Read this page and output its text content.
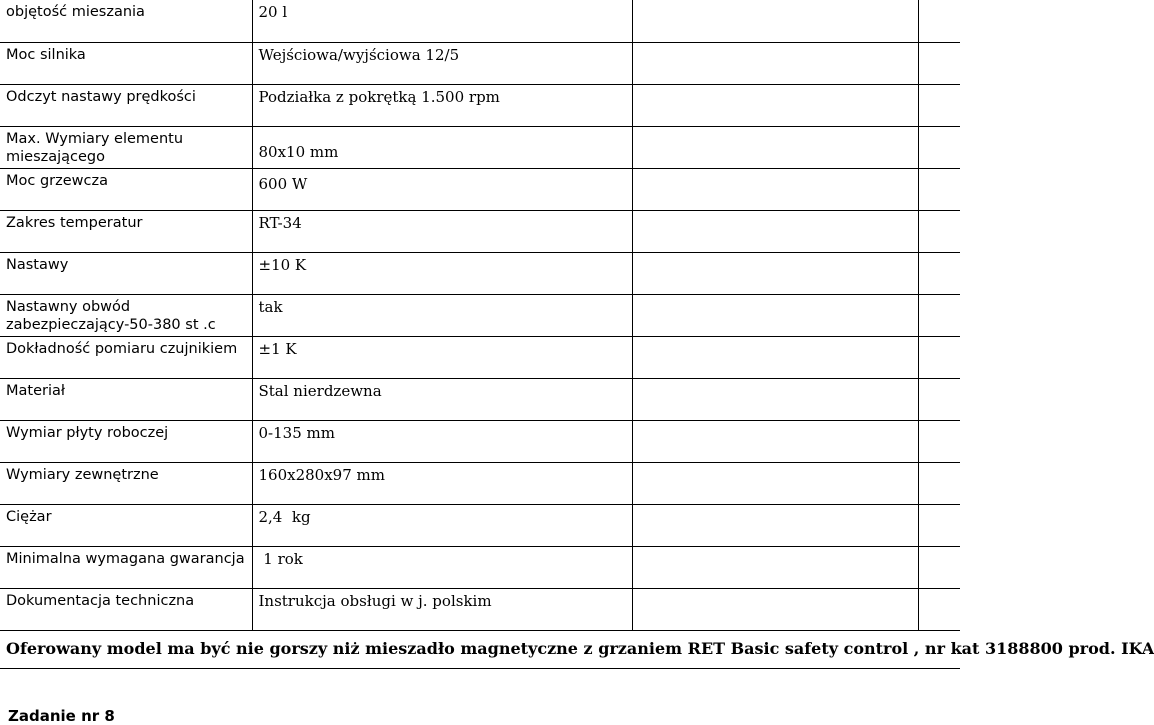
objętość mieszania	20 l		
Moc silnika	Wejściowa/wyjściowa 12/5		
Odczyt nastawy prędkości	Podziałka z pokrętką 1.500 rpm		
Max. Wymiary elementu mieszającego	80x10 mm		
Moc grzewcza	600 W		
Zakres temperatur	RT-34		
Nastawy	±10 K		
Nastawny obwód zabezpieczający-50-380 st .c	tak		
Dokładność pomiaru czujnikiem	±1 K		
Materiał	Stal nierdzewna		
Wymiar płyty roboczej	0-135 mm		
Wymiary zewnętrzne	160x280x97 mm		
Ciężar	2,4  kg		
Minimalna wymagana gwarancja	1 rok		
Dokumentacja techniczna	Instrukcja obsługi w j. polskim		
Oferowany model ma być nie gorszy niż mieszadło magnetyczne z grzaniem RET Basic safety control , nr kat 3188800 prod. IKA			

Zadanie nr 8
